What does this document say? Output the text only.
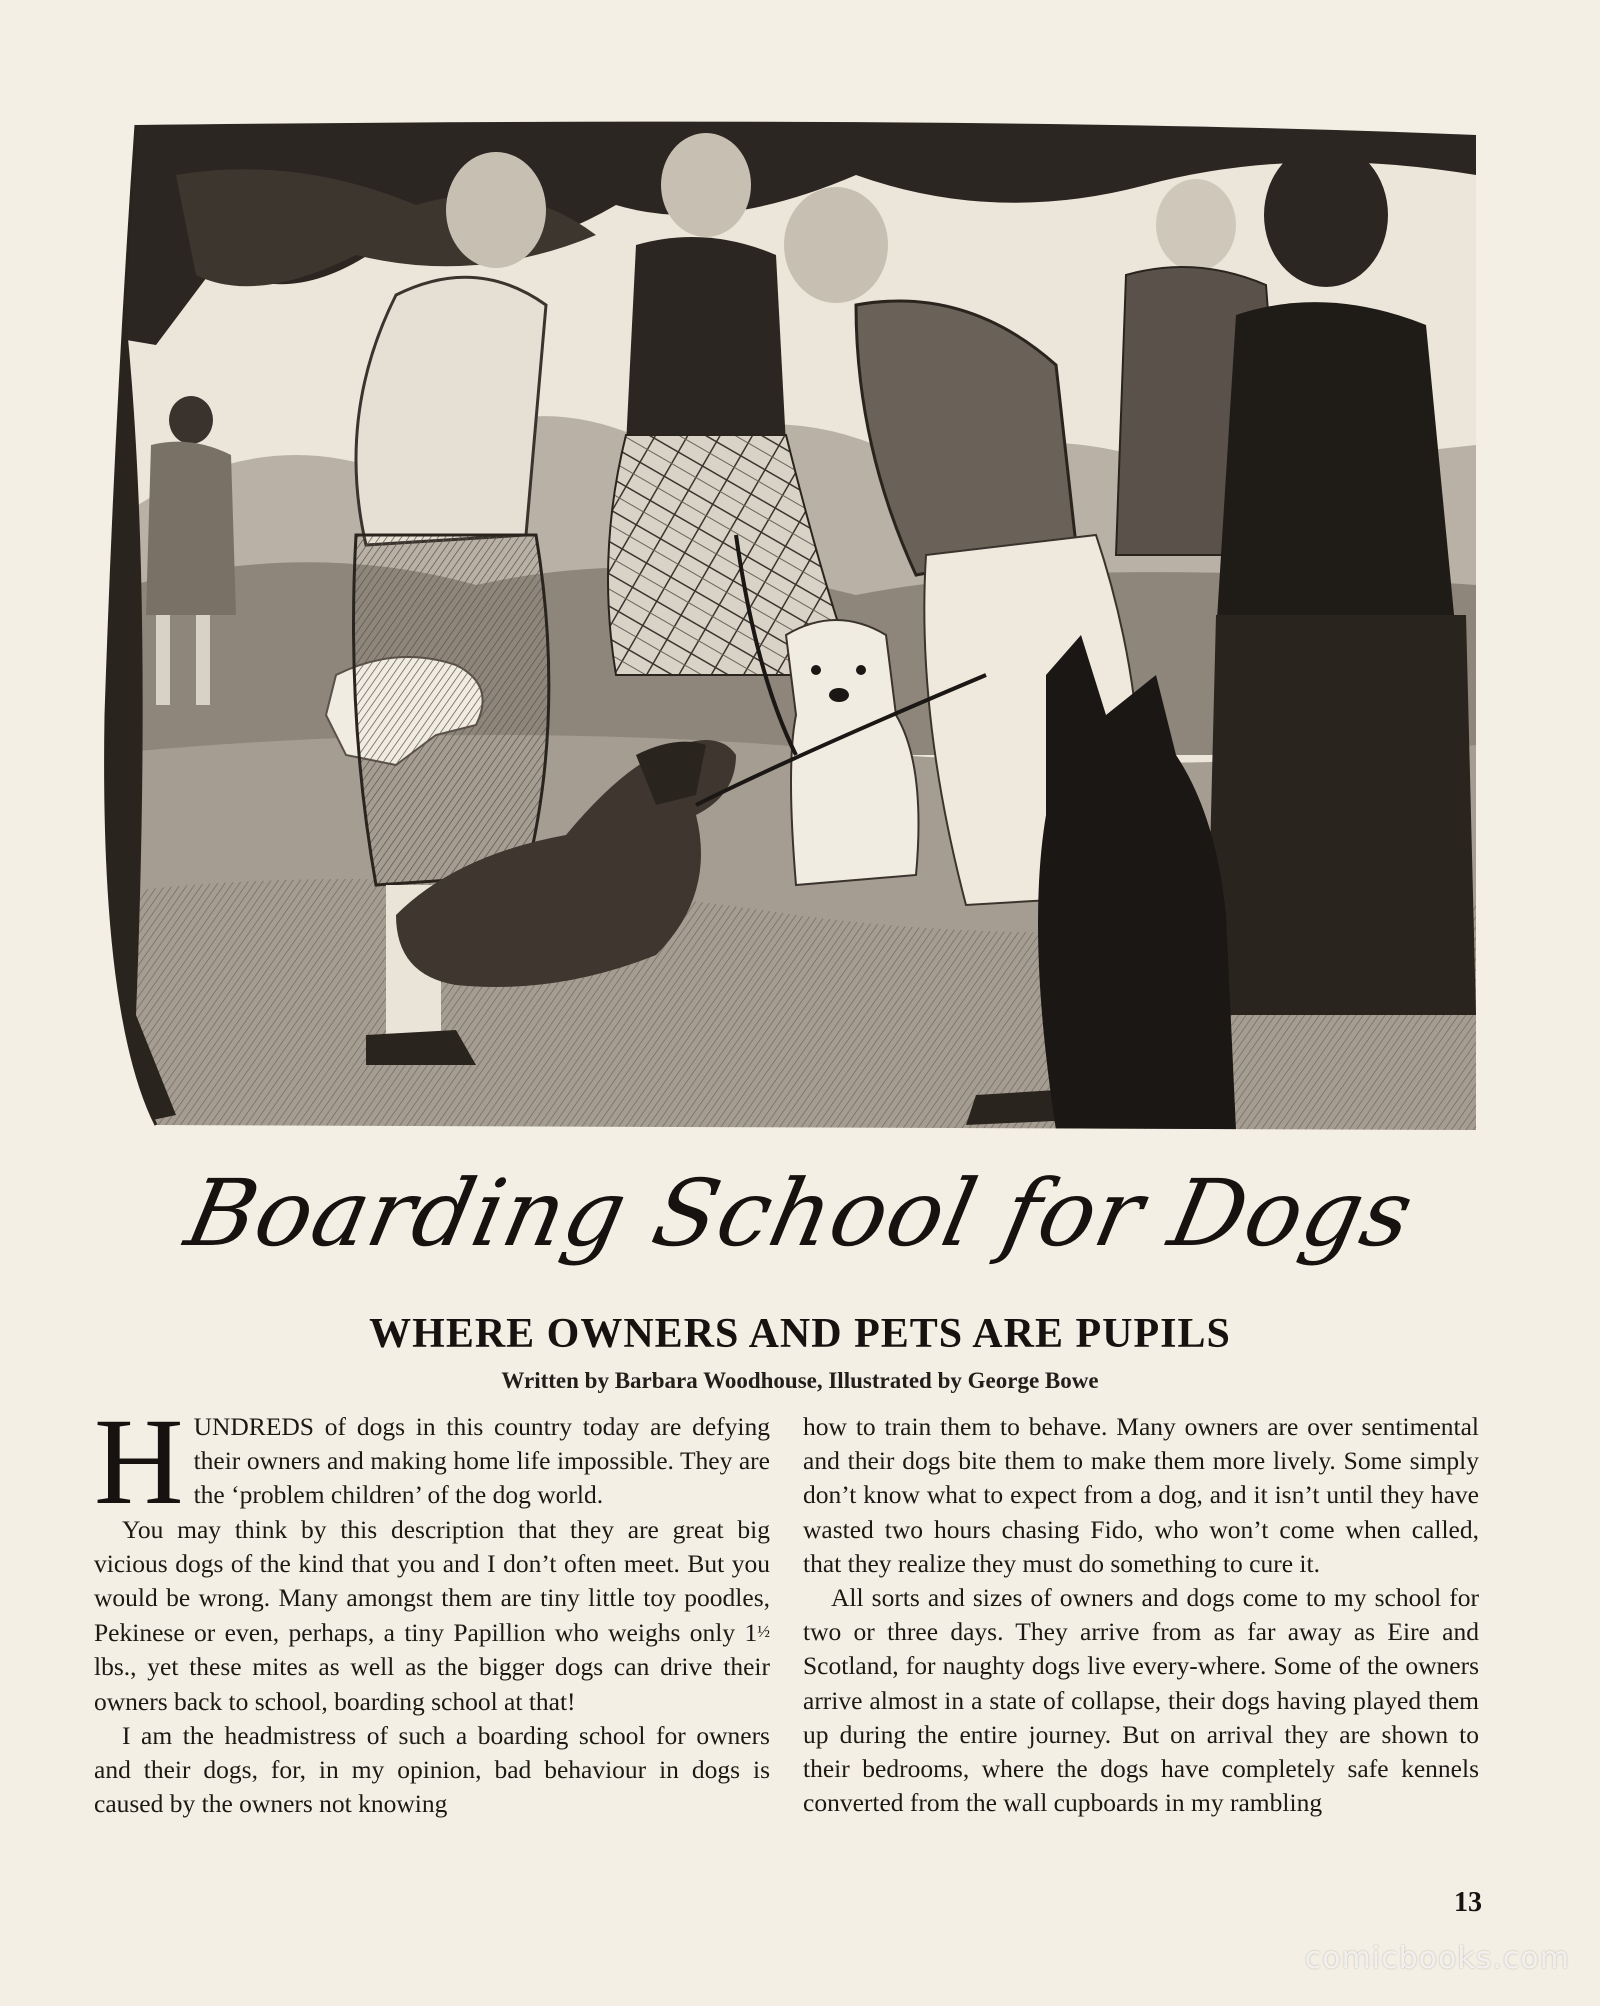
Boarding School for Dogs
WHERE OWNERS AND PETS ARE PUPILS
Written by Barbara Woodhouse, Illustrated by George Bowe

HUNDREDS of dogs in this country today are defying their owners and making home life impossible. They are the ‘problem children’ of the dog world.

You may think by this description that they are great big vicious dogs of the kind that you and I don’t often meet. But you would be wrong. Many amongst them are tiny little toy poodles, Pekinese or even, perhaps, a tiny Papillion who weighs only 1½ lbs., yet these mites as well as the bigger dogs can drive their owners back to school, boarding school at that!

I am the headmistress of such a boarding school for owners and their dogs, for, in my opinion, bad behaviour in dogs is caused by the owners not knowing

how to train them to behave. Many owners are over sentimental and their dogs bite them to make them more lively. Some simply don’t know what to expect from a dog, and it isn’t until they have wasted two hours chasing Fido, who won’t come when called, that they realize they must do something to cure it.

All sorts and sizes of owners and dogs come to my school for two or three days. They arrive from as far away as Eire and Scotland, for naughty dogs live every-where. Some of the owners arrive almost in a state of collapse, their dogs having played them up during the entire journey. But on arrival they are shown to their bedrooms, where the dogs have completely safe kennels converted from the wall cupboards in my rambling

13
comicbooks.com
